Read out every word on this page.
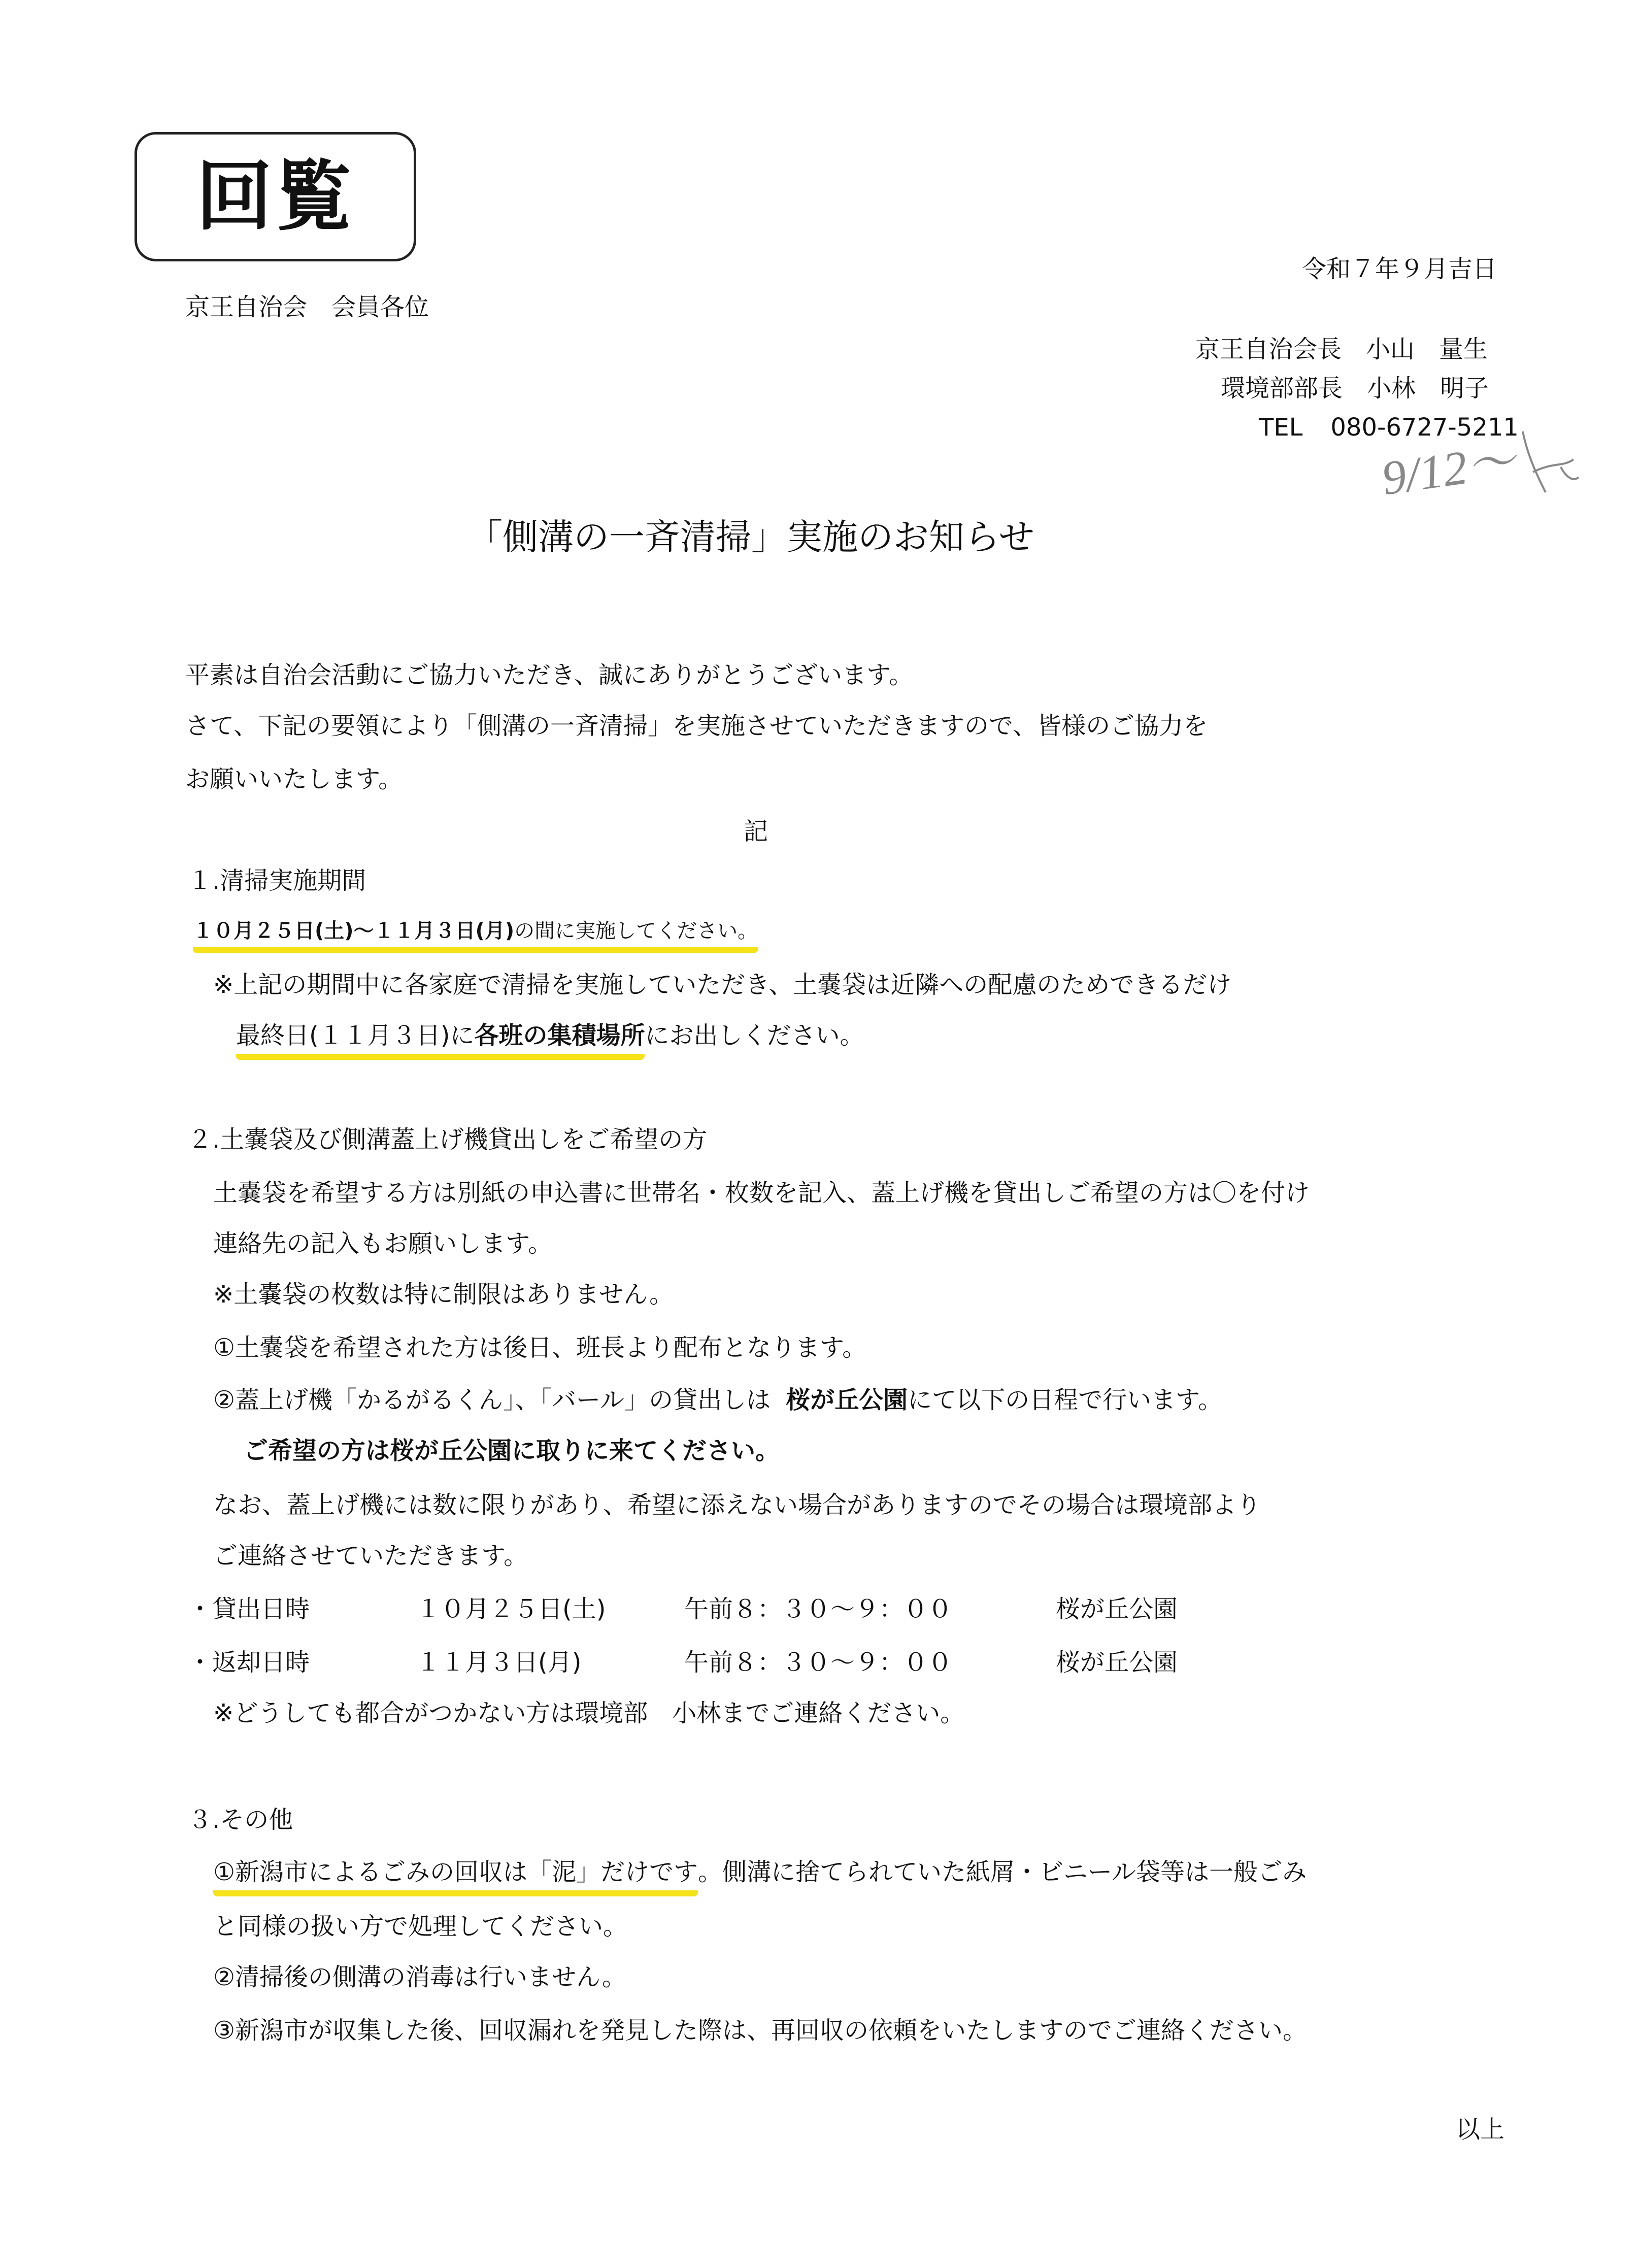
回覧
令和７年９月吉日
京王自治会　会員各位
京王自治会長　小山　量生
環境部部長　小林　明子
TEL 080-6727-5211
9/12～
「側溝の一斉清掃」実施のお知らせ
平素は自治会活動にご協力いただき、誠にありがとうございます。
さて、下記の要領により「側溝の一斉清掃」を実施させていただきますので、皆様のご協力を
お願いいたします。
記
１.清掃実施期間
１０月２５日(土)～１１月３日(月)の間に実施してください。
※上記の期間中に各家庭で清掃を実施していただき、土嚢袋は近隣への配慮のためできるだけ
最終日(１１月３日)に各班の集積場所にお出しください。
２.土嚢袋及び側溝蓋上げ機貸出しをご希望の方
土嚢袋を希望する方は別紙の申込書に世帯名・枚数を記入、蓋上げ機を貸出しご希望の方は〇を付け
連絡先の記入もお願いします。
※土嚢袋の枚数は特に制限はありません。
①土嚢袋を希望された方は後日、班長より配布となります。
②蓋上げ機「かるがるくん」、「バール」の貸出しは 桜が丘公園にて以下の日程で行います。
ご希望の方は桜が丘公園に取りに来てください。
なお、蓋上げ機には数に限りがあり、希望に添えない場合がありますのでその場合は環境部より
ご連絡させていただきます。
・貸出日時	１０月２５日(土)	午前８：３０～９：００	桜が丘公園
・返却日時	１１月３日(月)	午前８：３０～９：００	桜が丘公園
※どうしても都合がつかない方は環境部　小林までご連絡ください。
３.その他
①新潟市によるごみの回収は「泥」だけです。側溝に捨てられていた紙屑・ビニール袋等は一般ごみ
と同様の扱い方で処理してください。
②清掃後の側溝の消毒は行いません。
③新潟市が収集した後、回収漏れを発見した際は、再回収の依頼をいたしますのでご連絡ください。
以上
